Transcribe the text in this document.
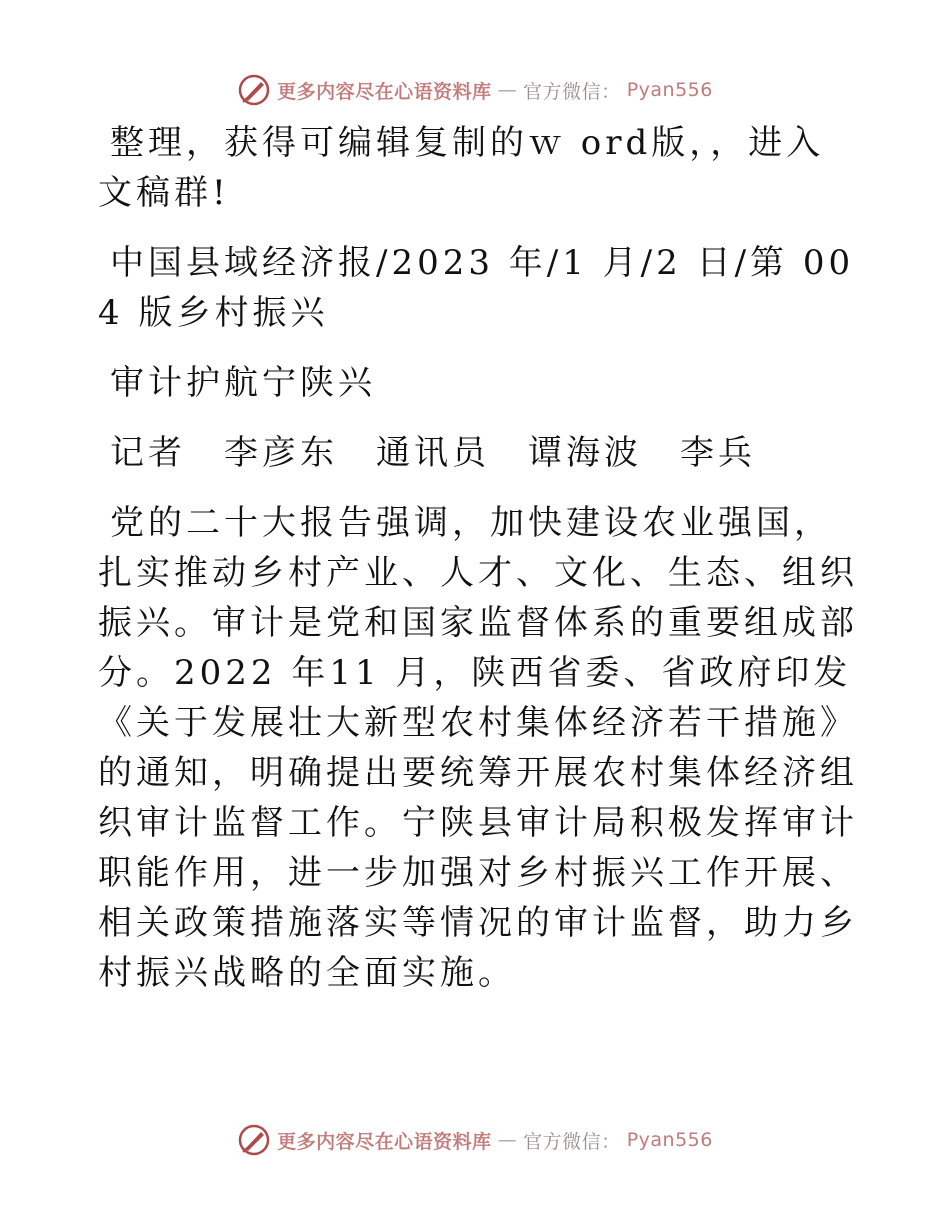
更多内容尽在心语资料库 — 官方微信： Pyan556

整理，获得可编辑复制的ｗ ord版，，进入文稿群!

中国县域经济报/2023 年/1 月/2 日/第 004 版乡村振兴

审计护航宁陕兴

记者　李彦东　通讯员　谭海波　李兵

党的二十大报告强调，加快建设农业强国，扎实推动乡村产业、人才、文化、生态、组织振兴。审计是党和国家监督体系的重要组成部分。2022 年11 月，陕西省委、省政府印发《关于发展壮大新型农村集体经济若干措施》的通知，明确提出要统筹开展农村集体经济组织审计监督工作。宁陕县审计局积极发挥审计职能作用，进一步加强对乡村振兴工作开展、相关政策措施落实等情况的审计监督，助力乡村振兴战略的全面实施。

更多内容尽在心语资料库 — 官方微信： Pyan556
